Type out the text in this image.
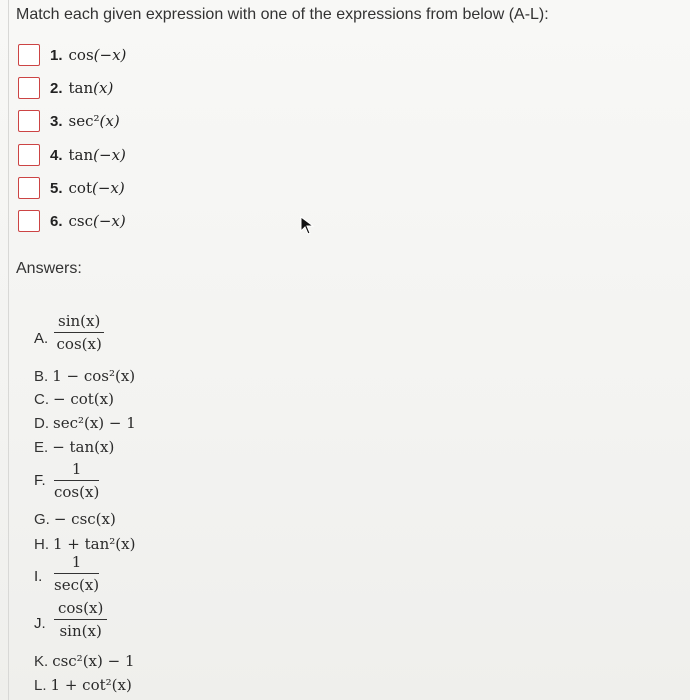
Match each given expression with one of the expressions from below (A-L):
1. cos(−x)
2. tan(x)
3. sec²(x)
4. tan(−x)
5. cot(−x)
6. csc(−x)
Answers:
A.
sin(x)
cos(x)
B. 1 − cos²(x)
C. − cot(x)
D. sec²(x) − 1
E. − tan(x)
F.
1
cos(x)
G. − csc(x)
H. 1 + tan²(x)
I.
1
sec(x)
J.
cos(x)
sin(x)
K. csc²(x) − 1
L. 1 + cot²(x)
